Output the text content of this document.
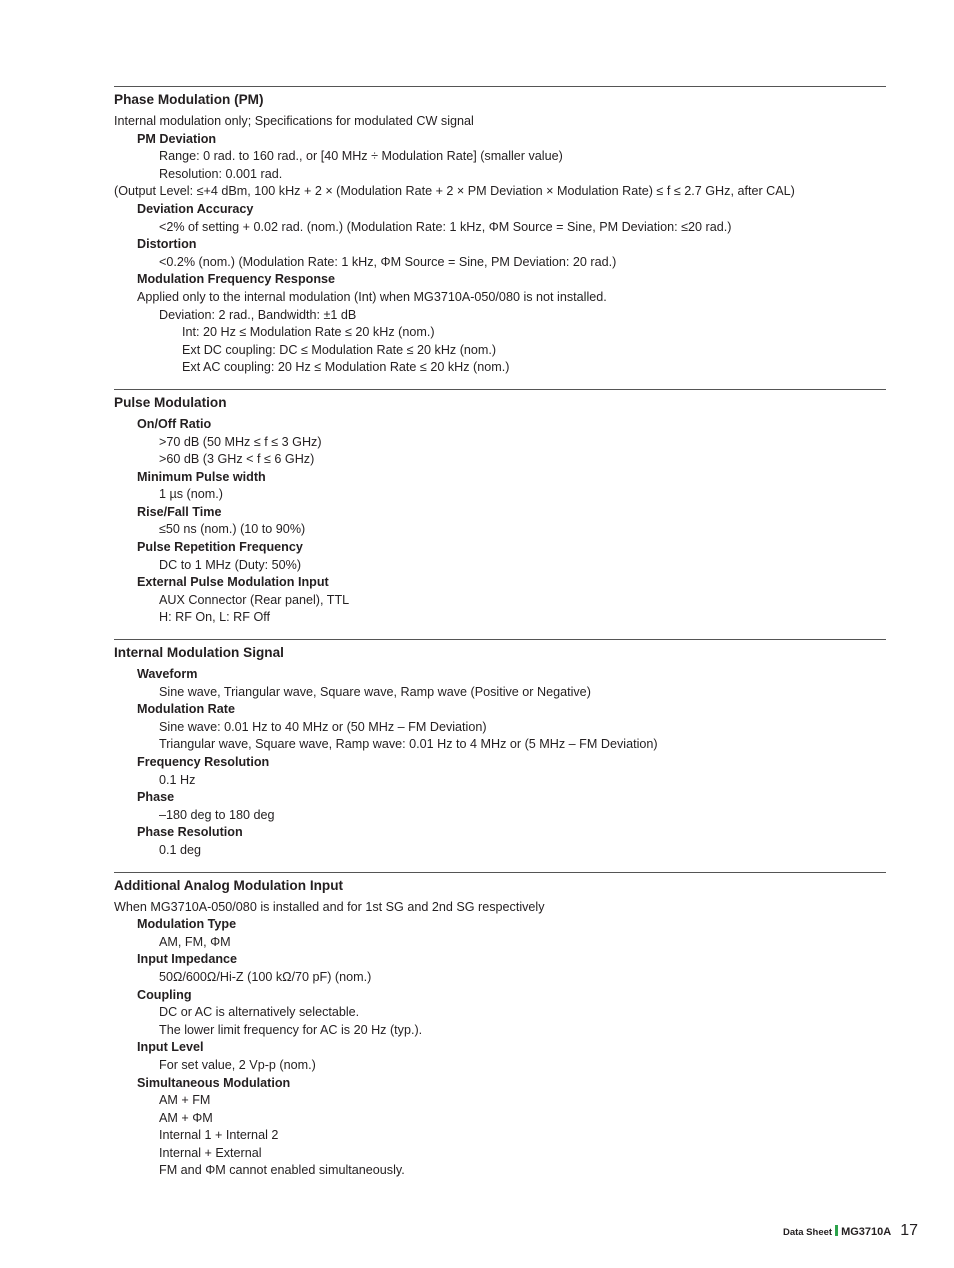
Phase Modulation (PM)
Internal modulation only; Specifications for modulated CW signal
PM Deviation
Range: 0 rad. to 160 rad., or [40 MHz ÷ Modulation Rate] (smaller value)
Resolution: 0.001 rad.
(Output Level: ≤+4 dBm, 100 kHz + 2 × (Modulation Rate + 2 × PM Deviation × Modulation Rate) ≤ f ≤ 2.7 GHz, after CAL)
Deviation Accuracy
<2% of setting + 0.02 rad. (nom.) (Modulation Rate: 1 kHz, ΦM Source = Sine, PM Deviation: ≤20 rad.)
Distortion
<0.2% (nom.) (Modulation Rate: 1 kHz, ΦM Source = Sine, PM Deviation: 20 rad.)
Modulation Frequency Response
Applied only to the internal modulation (Int) when MG3710A-050/080 is not installed.
Deviation: 2 rad., Bandwidth: ±1 dB
Int: 20 Hz ≤ Modulation Rate ≤ 20 kHz (nom.)
Ext DC coupling: DC ≤ Modulation Rate ≤ 20 kHz (nom.)
Ext AC coupling: 20 Hz ≤ Modulation Rate ≤ 20 kHz (nom.)
Pulse Modulation
On/Off Ratio
>70 dB (50 MHz ≤ f ≤ 3 GHz)
>60 dB (3 GHz < f ≤ 6 GHz)
Minimum Pulse width
1 µs (nom.)
Rise/Fall Time
≤50 ns (nom.) (10 to 90%)
Pulse Repetition Frequency
DC to 1 MHz (Duty: 50%)
External Pulse Modulation Input
AUX Connector (Rear panel), TTL
H: RF On, L: RF Off
Internal Modulation Signal
Waveform
Sine wave, Triangular wave, Square wave, Ramp wave (Positive or Negative)
Modulation Rate
Sine wave: 0.01 Hz to 40 MHz or (50 MHz – FM Deviation)
Triangular wave, Square wave, Ramp wave: 0.01 Hz to 4 MHz or (5 MHz – FM Deviation)
Frequency Resolution
0.1 Hz
Phase
–180 deg to 180 deg
Phase Resolution
0.1 deg
Additional Analog Modulation Input
When MG3710A-050/080 is installed and for 1st SG and 2nd SG respectively
Modulation Type
AM, FM, ΦM
Input Impedance
50Ω/600Ω/Hi-Z (100 kΩ/70 pF) (nom.)
Coupling
DC or AC is alternatively selectable.
The lower limit frequency for AC is 20 Hz (typ.).
Input Level
For set value, 2 Vp-p (nom.)
Simultaneous Modulation
AM + FM
AM + ΦM
Internal 1 + Internal 2
Internal + External
FM and ΦM cannot enabled simultaneously.
Data Sheet MG3710A 17
